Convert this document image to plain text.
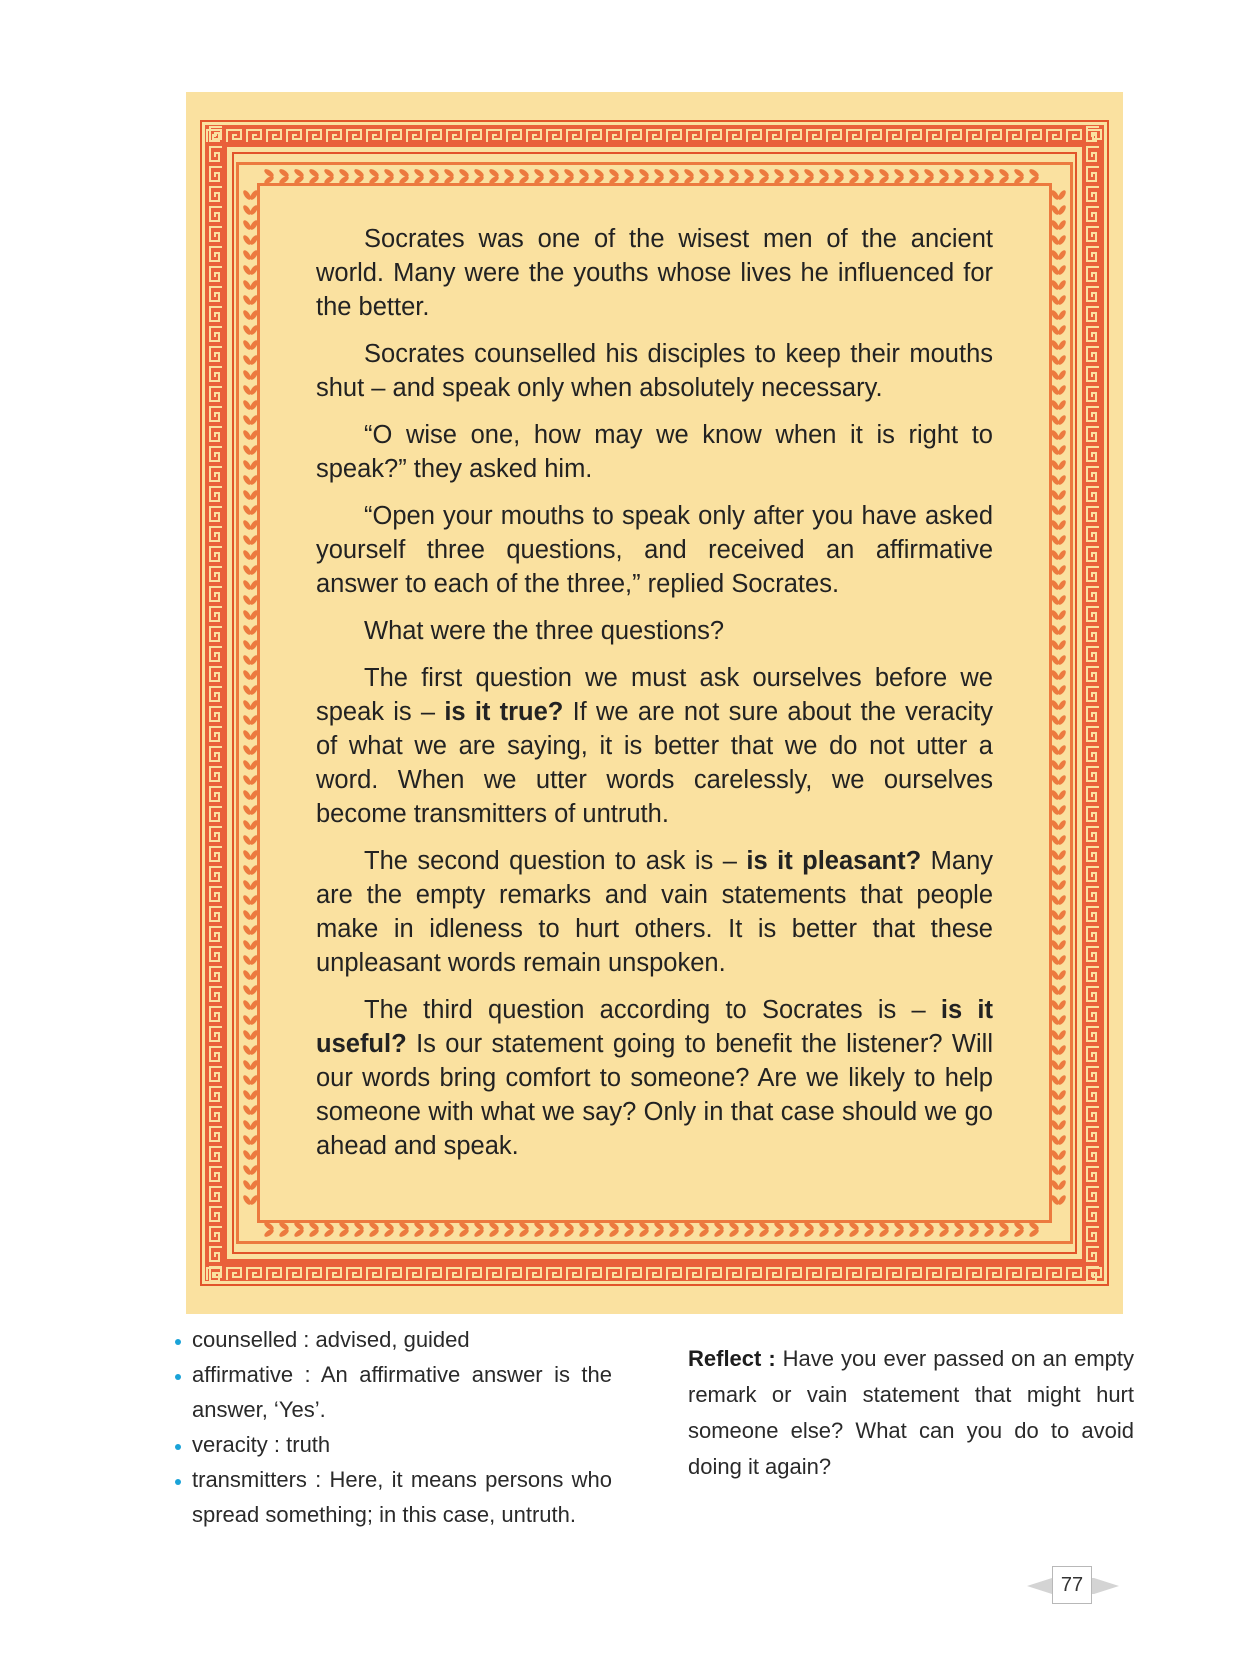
Socrates was one of the wisest men of the ancient world. Many were the youths whose lives he influenced for the better.

Socrates counselled his disciples to keep their mouths shut – and speak only when absolutely necessary.

“O wise one, how may we know when it is right to speak?” they asked him.

“Open your mouths to speak only after you have asked yourself three questions, and received an affirmative answer to each of the three,” replied Socrates.

What were the three questions?

The first question we must ask ourselves before we speak is – is it true? If we are not sure about the veracity of what we are saying, it is better that we do not utter a word. When we utter words carelessly, we ourselves become transmitters of untruth.

The second question to ask is – is it pleasant? Many are the empty remarks and vain statements that people make in idleness to hurt others. It is better that these unpleasant words remain unspoken.

The third question according to Socrates is – is it useful? Is our statement going to benefit the listener? Will our words bring comfort to someone? Are we likely to help someone with what we say? Only in that case should we go ahead and speak.

counselled : advised, guided
affirmative : An affirmative answer is the answer, ‘Yes’.
veracity : truth
transmitters : Here, it means persons who spread something; in this case, untruth.
Reflect : Have you ever passed on an empty remark or vain statement that might hurt someone else? What can you do to avoid doing it again?
77
